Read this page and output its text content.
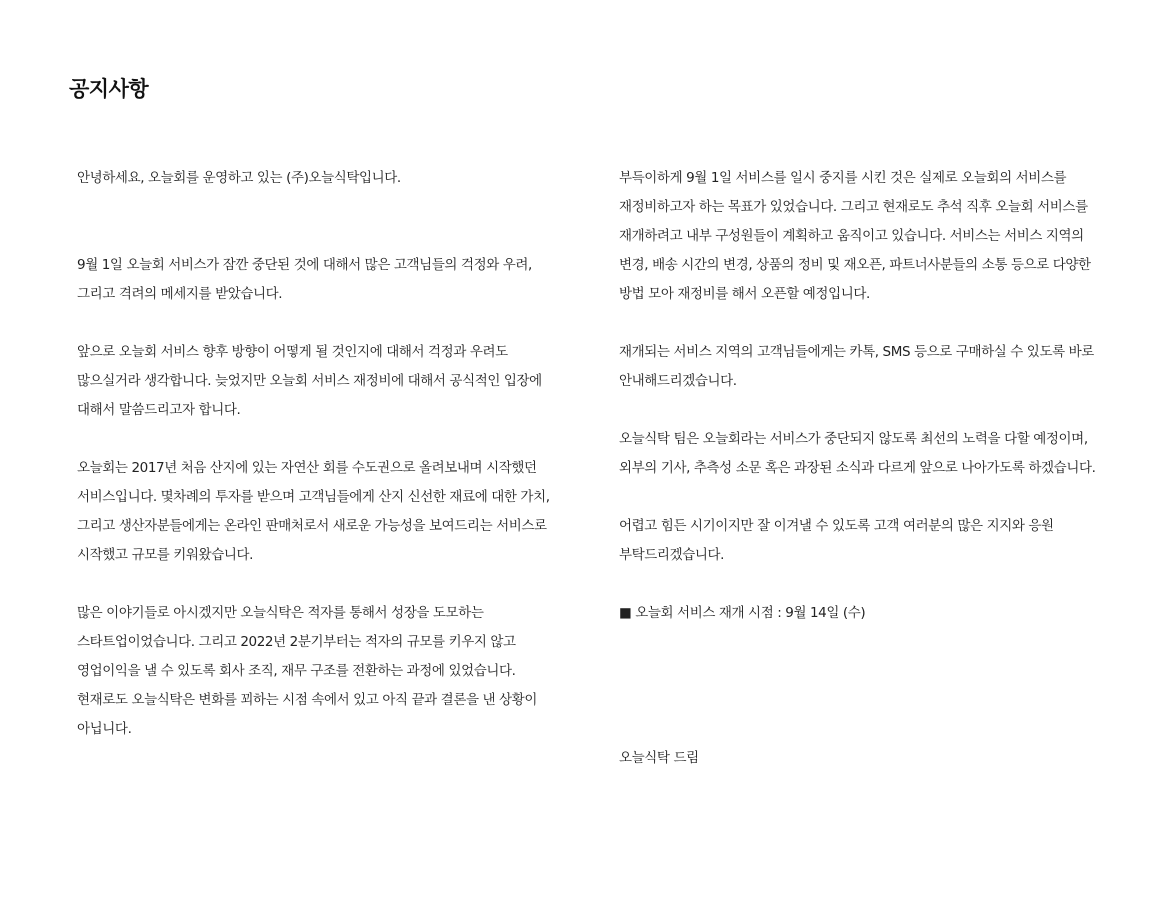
공지사항

안녕하세요, 오늘회를 운영하고 있는 (주)오늘식탁입니다.

9월 1일 오늘회 서비스가 잠깐 중단된 것에 대해서 많은 고객님들의 걱정와 우려, 그리고 격려의 메세지를 받았습니다.

앞으로 오늘회 서비스 향후 방향이 어떻게 될 것인지에 대해서 걱정과 우려도 많으실거라 생각합니다. 늦었지만 오늘회 서비스 재정비에 대해서 공식적인 입장에 대해서 말씀드리고자 합니다.

오늘회는 2017년 처음 산지에 있는 자연산 회를 수도권으로 올려보내며 시작했던 서비스입니다. 몇차례의 투자를 받으며 고객님들에게 산지 신선한 재료에 대한 가치, 그리고 생산자분들에게는 온라인 판매처로서 새로운 가능성을 보여드리는 서비스로 시작했고 규모를 키워왔습니다.

많은 이야기들로 아시겠지만 오늘식탁은 적자를 통해서 성장을 도모하는 스타트업이었습니다. 그리고 2022년 2분기부터는 적자의 규모를 키우지 않고 영업이익을 낼 수 있도록 회사 조직, 재무 구조를 전환하는 과정에 있었습니다. 현재로도 오늘식탁은 변화를 꾀하는 시점 속에서 있고 아직 끝과 결론을 낸 상황이 아닙니다.

부득이하게 9월 1일 서비스를 일시 중지를 시킨 것은 실제로 오늘회의 서비스를 재정비하고자 하는 목표가 있었습니다. 그리고 현재로도 추석 직후 오늘회 서비스를 재개하려고 내부 구성원들이 계획하고 움직이고 있습니다. 서비스는 서비스 지역의 변경, 배송 시간의 변경, 상품의 정비 및 재오픈, 파트너사분들의 소통 등으로 다양한 방법 모아 재정비를 해서 오픈할 예정입니다.

재개되는 서비스 지역의 고객님들에게는 카톡, SMS 등으로 구매하실 수 있도록 바로 안내해드리겠습니다.

오늘식탁 팀은 오늘회라는 서비스가 중단되지 않도록 최선의 노력을 다할 예정이며, 외부의 기사, 추측성 소문 혹은 과장된 소식과 다르게 앞으로 나아가도록 하겠습니다.

어렵고 힘든 시기이지만 잘 이겨낼 수 있도록 고객 여러분의 많은 지지와 응원 부탁드리겠습니다.

■ 오늘회 서비스 재개 시점 : 9월 14일 (수)

오늘식탁 드림
